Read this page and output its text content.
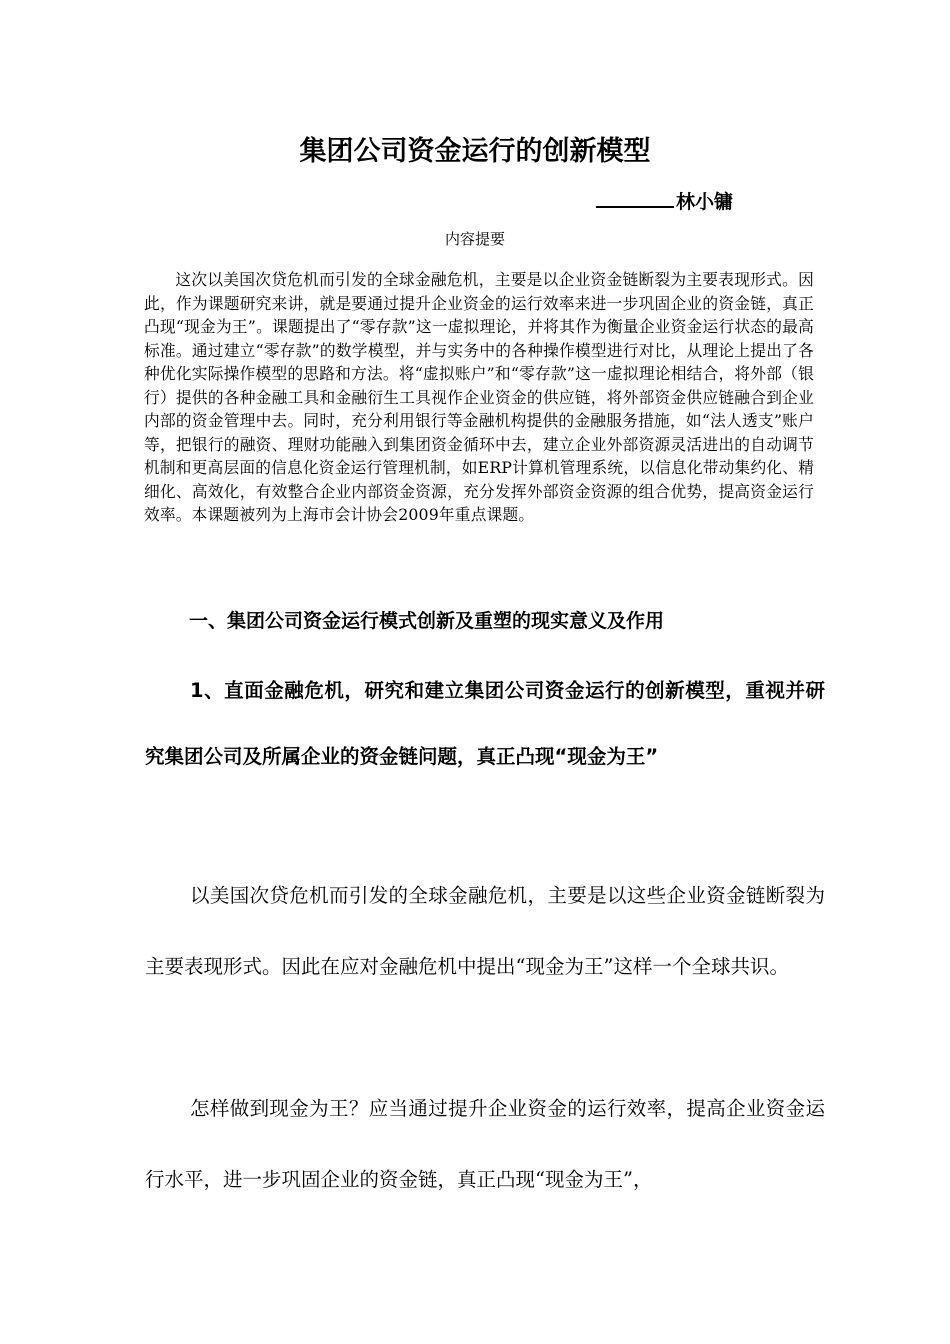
集团公司资金运行的创新模型
林小镛
内容提要

这次以美国次贷危机而引发的全球金融危机，主要是以企业资金链断裂为主要表现形式。因此，作为课题研究来讲，就是要通过提升企业资金的运行效率来进一步巩固企业的资金链，真正凸现“现金为王”。课题提出了“零存款”这一虚拟理论，并将其作为衡量企业资金运行状态的最高标准。通过建立“零存款”的数学模型，并与实务中的各种操作模型进行对比，从理论上提出了各种优化实际操作模型的思路和方法。将“虚拟账户”和“零存款”这一虚拟理论相结合，将外部（银行）提供的各种金融工具和金融衍生工具视作企业资金的供应链，将外部资金供应链融合到企业内部的资金管理中去。同时，充分利用银行等金融机构提供的金融服务措施，如“法人透支”账户等，把银行的融资、理财功能融入到集团资金循环中去，建立企业外部资源灵活进出的自动调节机制和更高层面的信息化资金运行管理机制，如ERP计算机管理系统，以信息化带动集约化、精细化、高效化，有效整合企业内部资金资源，充分发挥外部资金资源的组合优势，提高资金运行效率。本课题被列为上海市会计协会2009年重点课题。

一、集团公司资金运行模式创新及重塑的现实意义及作用
1、直面金融危机，研究和建立集团公司资金运行的创新模型，重视并研究集团公司及所属企业的资金链问题，真正凸现“现金为王”

以美国次贷危机而引发的全球金融危机，主要是以这些企业资金链断裂为主要表现形式。因此在应对金融危机中提出“现金为王”这样一个全球共识。

怎样做到现金为王？应当通过提升企业资金的运行效率，提高企业资金运行水平，进一步巩固企业的资金链，真正凸现“现金为王”，
